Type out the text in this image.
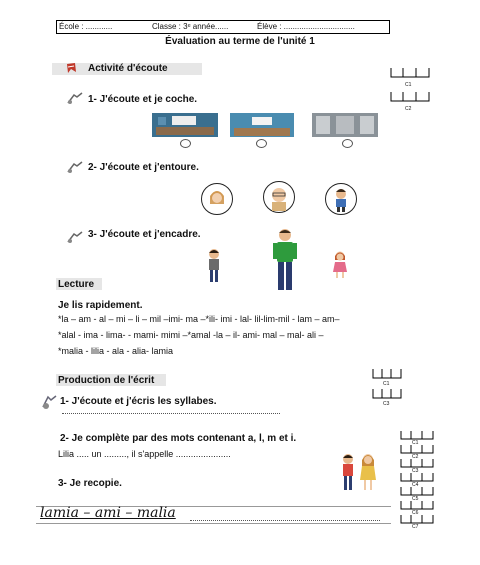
École : ............	Classe : 3ᵉ année......	Élève : ................................
Évaluation au terme de l'unité 1
Activité d'écoute
C1
C2
1- J'écoute et je coche.
2- J'écoute et j'entoure.
3- J'écoute et j'encadre.
Lecture
Je lis rapidement.
*la – am - al – mi – li – mil –imi- ma –*ili- imi - lal- lil-lim-mil - lam – am–
*alal - ima - lima- - mami- mimi –*amal -la – il- ami- mal – mal- ali –
*malia - lilia - ala - alia- lamia
Production de l'écrit	C1
C3
1- J'écoute et j'écris les syllabes.
2- Je complète par des mots contenant a, l, m et i.
Lilia ..... un ........., il s'appelle ......................
3- Je recopie.
lamia – ami – malia
C1
C2
C3
C4
C5
C6
C7
